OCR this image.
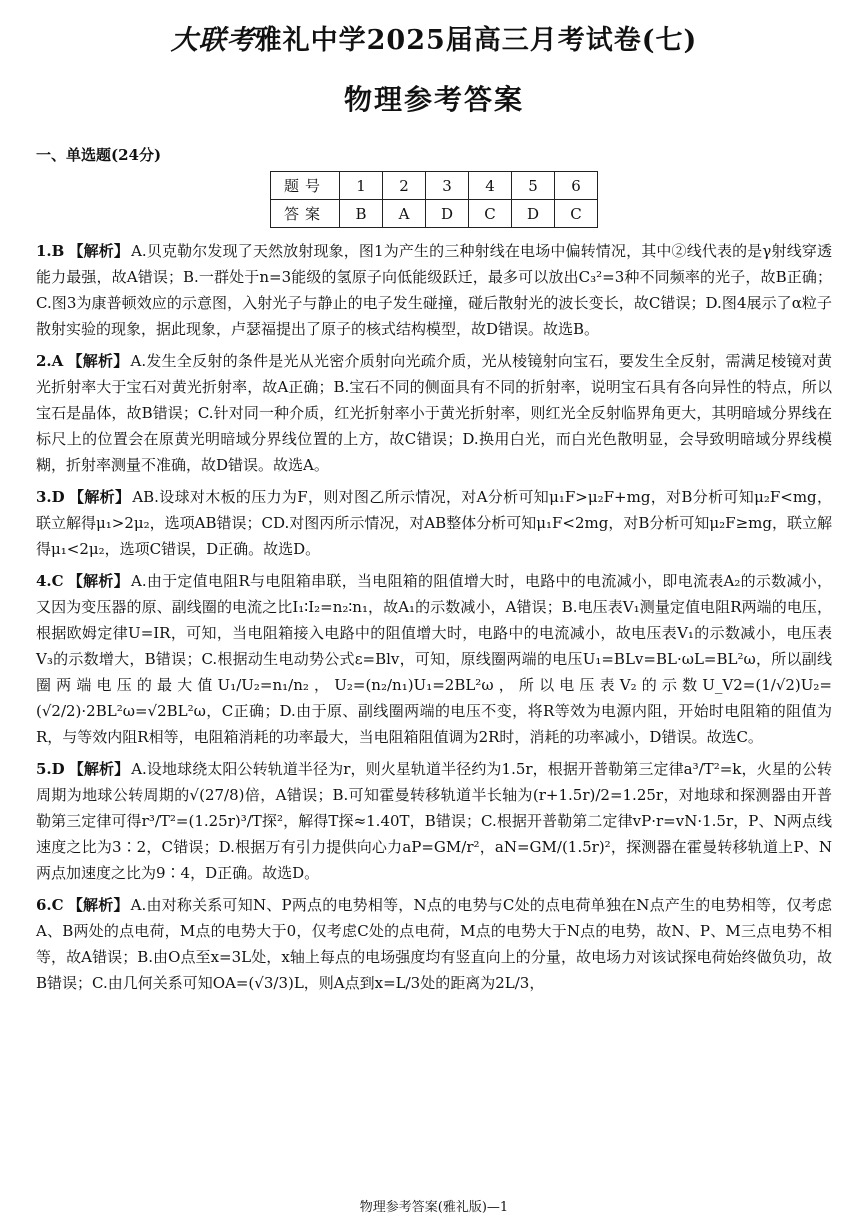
大联考雅礼中学2025届高三月考试卷(七)
物理参考答案
一、单选题(24分)
题号	1	2	3	4	5	6
答案	B	A	D	C	D	C

1.B 【解析】 A.贝克勒尔发现了天然放射现象，图1为产生的三种射线在电场中偏转情况，其中②线代表的是γ射线穿透能力最强，故A错误；B.一群处于n=3能级的氢原子向低能级跃迁，最多可以放出C₃²=3种不同频率的光子，故B正确；C.图3为康普顿效应的示意图，入射光子与静止的电子发生碰撞，碰后散射光的波长变长，故C错误；D.图4展示了α粒子散射实验的现象，据此现象，卢瑟福提出了原子的核式结构模型，故D错误。故选B。

2.A 【解析】 A.发生全反射的条件是光从光密介质射向光疏介质，光从棱镜射向宝石，要发生全反射，需满足棱镜对黄光折射率大于宝石对黄光折射率，故A正确；B.宝石不同的侧面具有不同的折射率，说明宝石具有各向异性的特点，所以宝石是晶体，故B错误；C.针对同一种介质，红光折射率小于黄光折射率，则红光全反射临界角更大，其明暗域分界线在标尺上的位置会在原黄光明暗域分界线位置的上方，故C错误；D.换用白光，而白光色散明显，会导致明暗域分界线模糊，折射率测量不准确，故D错误。故选A。

3.D 【解析】 AB.设球对木板的压力为F，则对图乙所示情况，对A分析可知μ₁F>μ₂F+mg，对B分析可知μ₂F<mg，联立解得μ₁>2μ₂，选项AB错误；CD.对图丙所示情况，对AB整体分析可知μ₁F<2mg，对B分析可知μ₂F≥mg，联立解得μ₁<2μ₂，选项C错误，D正确。故选D。

4.C 【解析】 A.由于定值电阻R与电阻箱串联，当电阻箱的阻值增大时，电路中的电流减小，即电流表A₂的示数减小，又因为变压器的原、副线圈的电流之比I₁∶I₂=n₂∶n₁，故A₁的示数减小，A错误；B.电压表V₁测量定值电阻R两端的电压，根据欧姆定律U=IR，可知，当电阻箱接入电路中的阻值增大时，电路中的电流减小，故电压表V₁的示数减小，电压表V₃的示数增大，B错误；C.根据动生电动势公式ε=Blv，可知，原线圈两端的电压U₁=BLv=BL·ωL=BL²ω，所以副线圈两端电压的最大值U₁/U₂=n₁/n₂，U₂=(n₂/n₁)U₁=2BL²ω，所以电压表V₂的示数U_V2=(1/√2)U₂=(√2/2)·2BL²ω=√2BL²ω，C正确；D.由于原、副线圈两端的电压不变，将R等效为电源内阻，开始时电阻箱的阻值为R，与等效内阻R相等，电阻箱消耗的功率最大，当电阻箱阻值调为2R时，消耗的功率减小，D错误。故选C。

5.D 【解析】 A.设地球绕太阳公转轨道半径为r，则火星轨道半径约为1.5r，根据开普勒第三定律a³/T²=k，火星的公转周期为地球公转周期的√(27/8)倍，A错误；B.可知霍曼转移轨道半长轴为(r+1.5r)/2=1.25r，对地球和探测器由开普勒第三定律可得r³/T²=(1.25r)³/T探²，解得T探≈1.40T，B错误；C.根据开普勒第二定律vP·r=vN·1.5r，P、N两点线速度之比为3∶2，C错误；D.根据万有引力提供向心力aP=GM/r²，aN=GM/(1.5r)²，探测器在霍曼转移轨道上P、N两点加速度之比为9∶4，D正确。故选D。

6.C 【解析】 A.由对称关系可知N、P两点的电势相等，N点的电势与C处的点电荷单独在N点产生的电势相等，仅考虑A、B两处的点电荷，M点的电势大于0，仅考虑C处的点电荷，M点的电势大于N点的电势，故N、P、M三点电势不相等，故A错误；B.由O点至x=3L处，x轴上每点的电场强度均有竖直向上的分量，故电场力对该试探电荷始终做负功，故B错误；C.由几何关系可知OA=(√3/3)L，则A点到x=L/3处的距离为2L/3，

物理参考答案(雅礼版)—1
